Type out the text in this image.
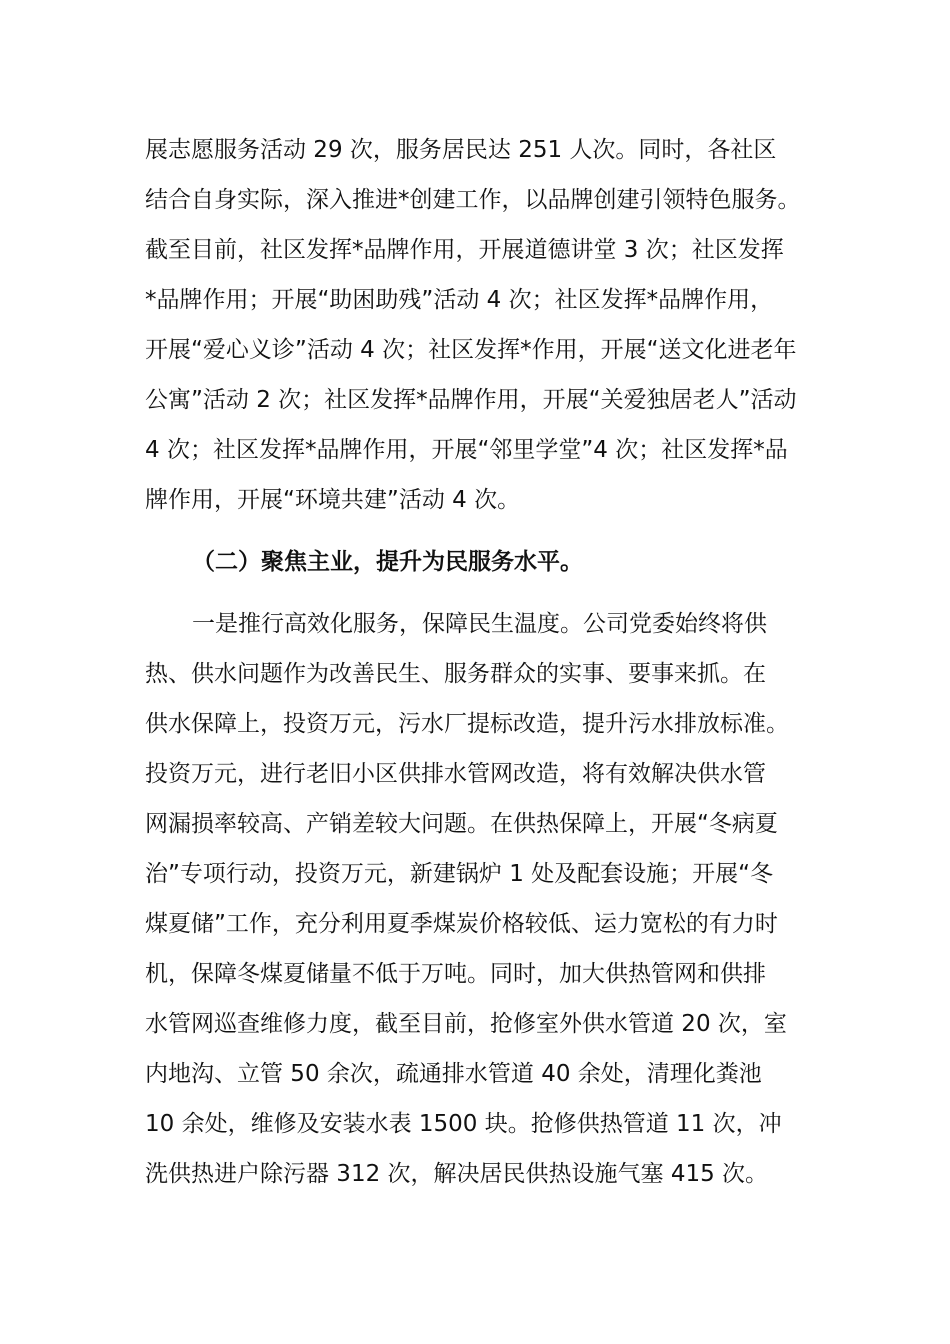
展志愿服务活动 29 次，服务居民达 251 人次。同时，各社区
结合自身实际，深入推进*创建工作，以品牌创建引领特色服务。
截至目前，社区发挥*品牌作用，开展道德讲堂 3 次；社区发挥
*品牌作用；开展“助困助残”活动 4 次；社区发挥*品牌作用，
开展“爱心义诊”活动 4 次；社区发挥*作用，开展“送文化进老年
公寓”活动 2 次；社区发挥*品牌作用，开展“关爱独居老人”活动
4 次；社区发挥*品牌作用，开展“邻里学堂”4 次；社区发挥*品
牌作用，开展“环境共建”活动 4 次。
（二）聚焦主业，提升为民服务水平。
一是推行高效化服务，保障民生温度。公司党委始终将供
热、供水问题作为改善民生、服务群众的实事、要事来抓。在
供水保障上，投资万元，污水厂提标改造，提升污水排放标准。
投资万元，进行老旧小区供排水管网改造，将有效解决供水管
网漏损率较高、产销差较大问题。在供热保障上，开展“冬病夏
治”专项行动，投资万元，新建锅炉 1 处及配套设施；开展“冬
煤夏储”工作，充分利用夏季煤炭价格较低、运力宽松的有力时
机，保障冬煤夏储量不低于万吨。同时，加大供热管网和供排
水管网巡查维修力度，截至目前，抢修室外供水管道 20 次，室
内地沟、立管 50 余次，疏通排水管道 40 余处，清理化粪池
10 余处，维修及安装水表 1500 块。抢修供热管道 11 次，冲
洗供热进户除污器 312 次，解决居民供热设施气塞 415 次。
